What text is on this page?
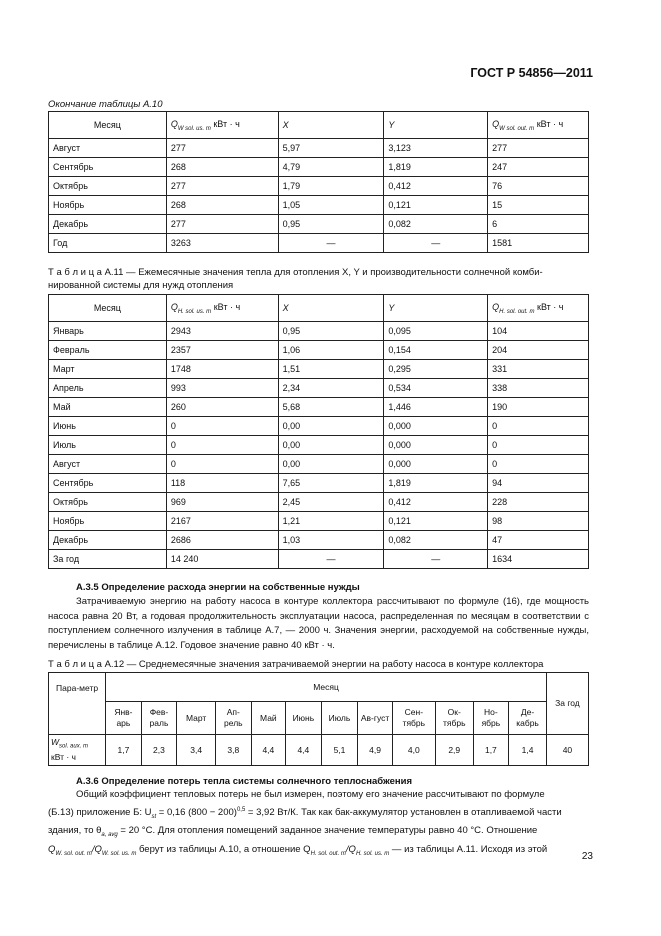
ГОСТ Р 54856—2011
Окончание таблицы А.10
Месяц	$Q_{W sol. us. m}$ кВт · ч	X	Y	$Q_{W sol. out. m}$ кВт · ч
Август	277	5,97	3,123	277
Сентябрь	268	4,79	1,819	247
Октябрь	277	1,79	0,412	76
Ноябрь	268	1,05	0,121	15
Декабрь	277	0,95	0,082	6
Год	3263	—	—	1581
Т а б л и ц а А.11 — Ежемесячные значения тепла для отопления X, Y и производительности солнечной комби-нированной системы для нужд отопления
Месяц	$Q_{H. sol. us. m}$ кВт · ч	X	Y	$Q_{H. sol. out. m}$ кВт · ч
Январь	2943	0,95	0,095	104
Февраль	2357	1,06	0,154	204
Март	1748	1,51	0,295	331
Апрель	993	2,34	0,534	338
Май	260	5,68	1,446	190
Июнь	0	0,00	0,000	0
Июль	0	0,00	0,000	0
Август	0	0,00	0,000	0
Сентябрь	118	7,65	1,819	94
Октябрь	969	2,45	0,412	228
Ноябрь	2167	1,21	0,121	98
Декабрь	2686	1,03	0,082	47
За год	14 240	—	—	1634
А.3.5 Определение расхода энергии на собственные нужды
Затрачиваемую энергию на работу насоса в контуре коллектора рассчитывают по формуле (16), где мощность насоса равна 20 Вт, а годовая продолжительность эксплуатации насоса, распределенная по месяцам в соответствии с поступлением солнечного излучения в таблице А.7, — 2000 ч. Значения энергии, расходуемой на собственные нужды, перечислены в таблице А.12. Годовое значение равно 40 кВт · ч.
Т а б л и ц а А.12 — Среднемесячные значения затрачиваемой энергии на работу насоса в контуре коллектора
Пара-метр	Месяц												За год
	Янв-арь	Фев-раль	Март	Ап-рель	Май	Июнь	Июль	Ав-густ	Сен-тябрь	Ок-тябрь	Но-ябрь	Де-кабрь	
$W_{sol. aux. m}$
кВт · ч	1,7	2,3	3,4	3,8	4,4	4,4	5,1	4,9	4,0	2,9	1,7	1,4	40
А.3.6 Определение потерь тепла системы солнечного теплоснабжения
Общий коэффициент тепловых потерь не был измерен, поэтому его значение рассчитывают по формуле
(Б.13) приложение Б: $U_{st} = 0,16$ $(800 - 200)^{0,5} = 3,92$ Вт/К. Так как бак-аккумулятор установлен в отапливаемой части
здания, то $\theta_{a, avg} = 20$ °С. Для отопления помещений заданное значение температуры равно 40 °С. Отношение
$Q_{W. sol. out. m}/Q_{W. sol. us. m}$ берут из таблицы А.10, а отношение $Q_{H. sol. out. m}/Q_{H. sol. us. m}$ — из таблицы А.11. Исходя из этой
23
